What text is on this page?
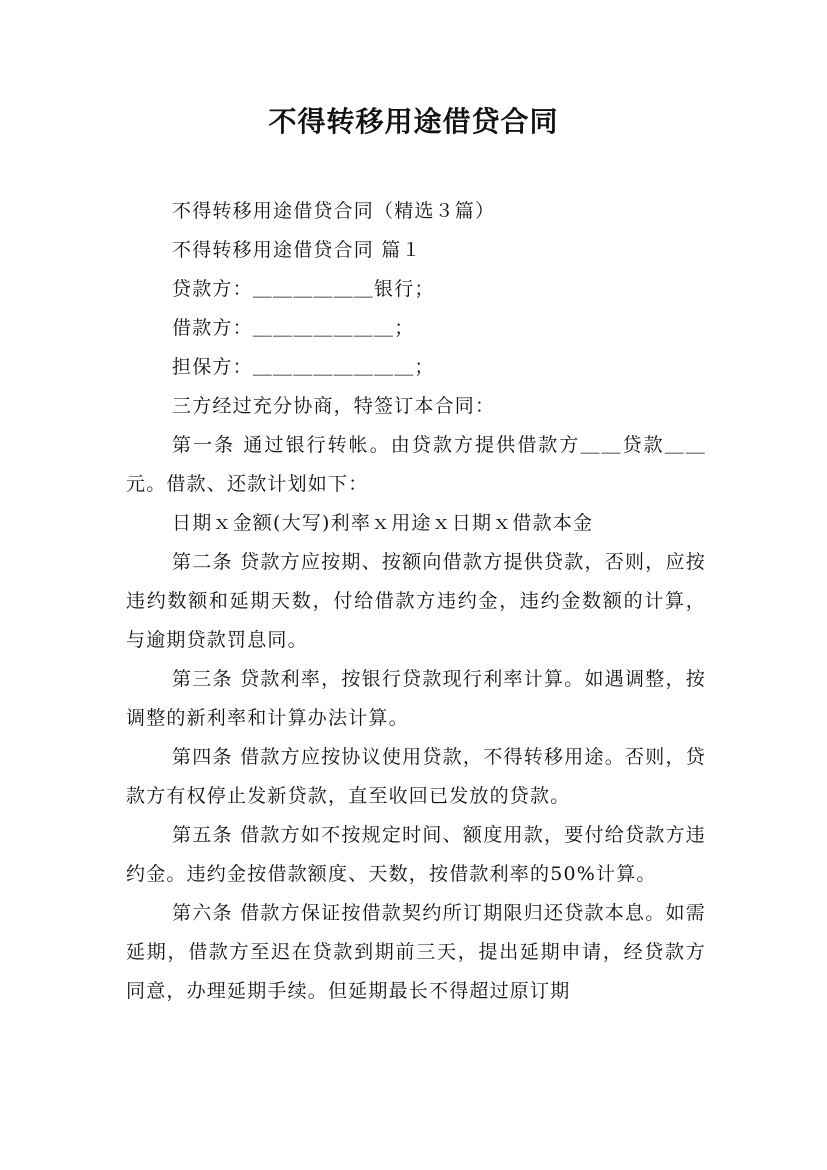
不得转移用途借贷合同

不得转移用途借贷合同（精选３篇）

不得转移用途借贷合同 篇１

贷款方：＿＿＿＿＿＿银行；

借款方：＿＿＿＿＿＿＿；

担保方：＿＿＿＿＿＿＿＿；

三方经过充分协商，特签订本合同：

第一条 通过银行转帐。由贷款方提供借款方＿＿贷款＿＿元。借款、还款计划如下：

日期ｘ金额(大写)利率ｘ用途ｘ日期ｘ借款本金

第二条 贷款方应按期、按额向借款方提供贷款，否则，应按违约数额和延期天数，付给借款方违约金，违约金数额的计算，与逾期贷款罚息同。

第三条 贷款利率，按银行贷款现行利率计算。如遇调整，按调整的新利率和计算办法计算。

第四条 借款方应按协议使用贷款，不得转移用途。否则，贷款方有权停止发新贷款，直至收回已发放的贷款。

第五条 借款方如不按规定时间、额度用款，要付给贷款方违约金。违约金按借款额度、天数，按借款利率的50%计算。

第六条 借款方保证按借款契约所订期限归还贷款本息。如需延期，借款方至迟在贷款到期前三天，提出延期申请，经贷款方同意，办理延期手续。但延期最长不得超过原订期
